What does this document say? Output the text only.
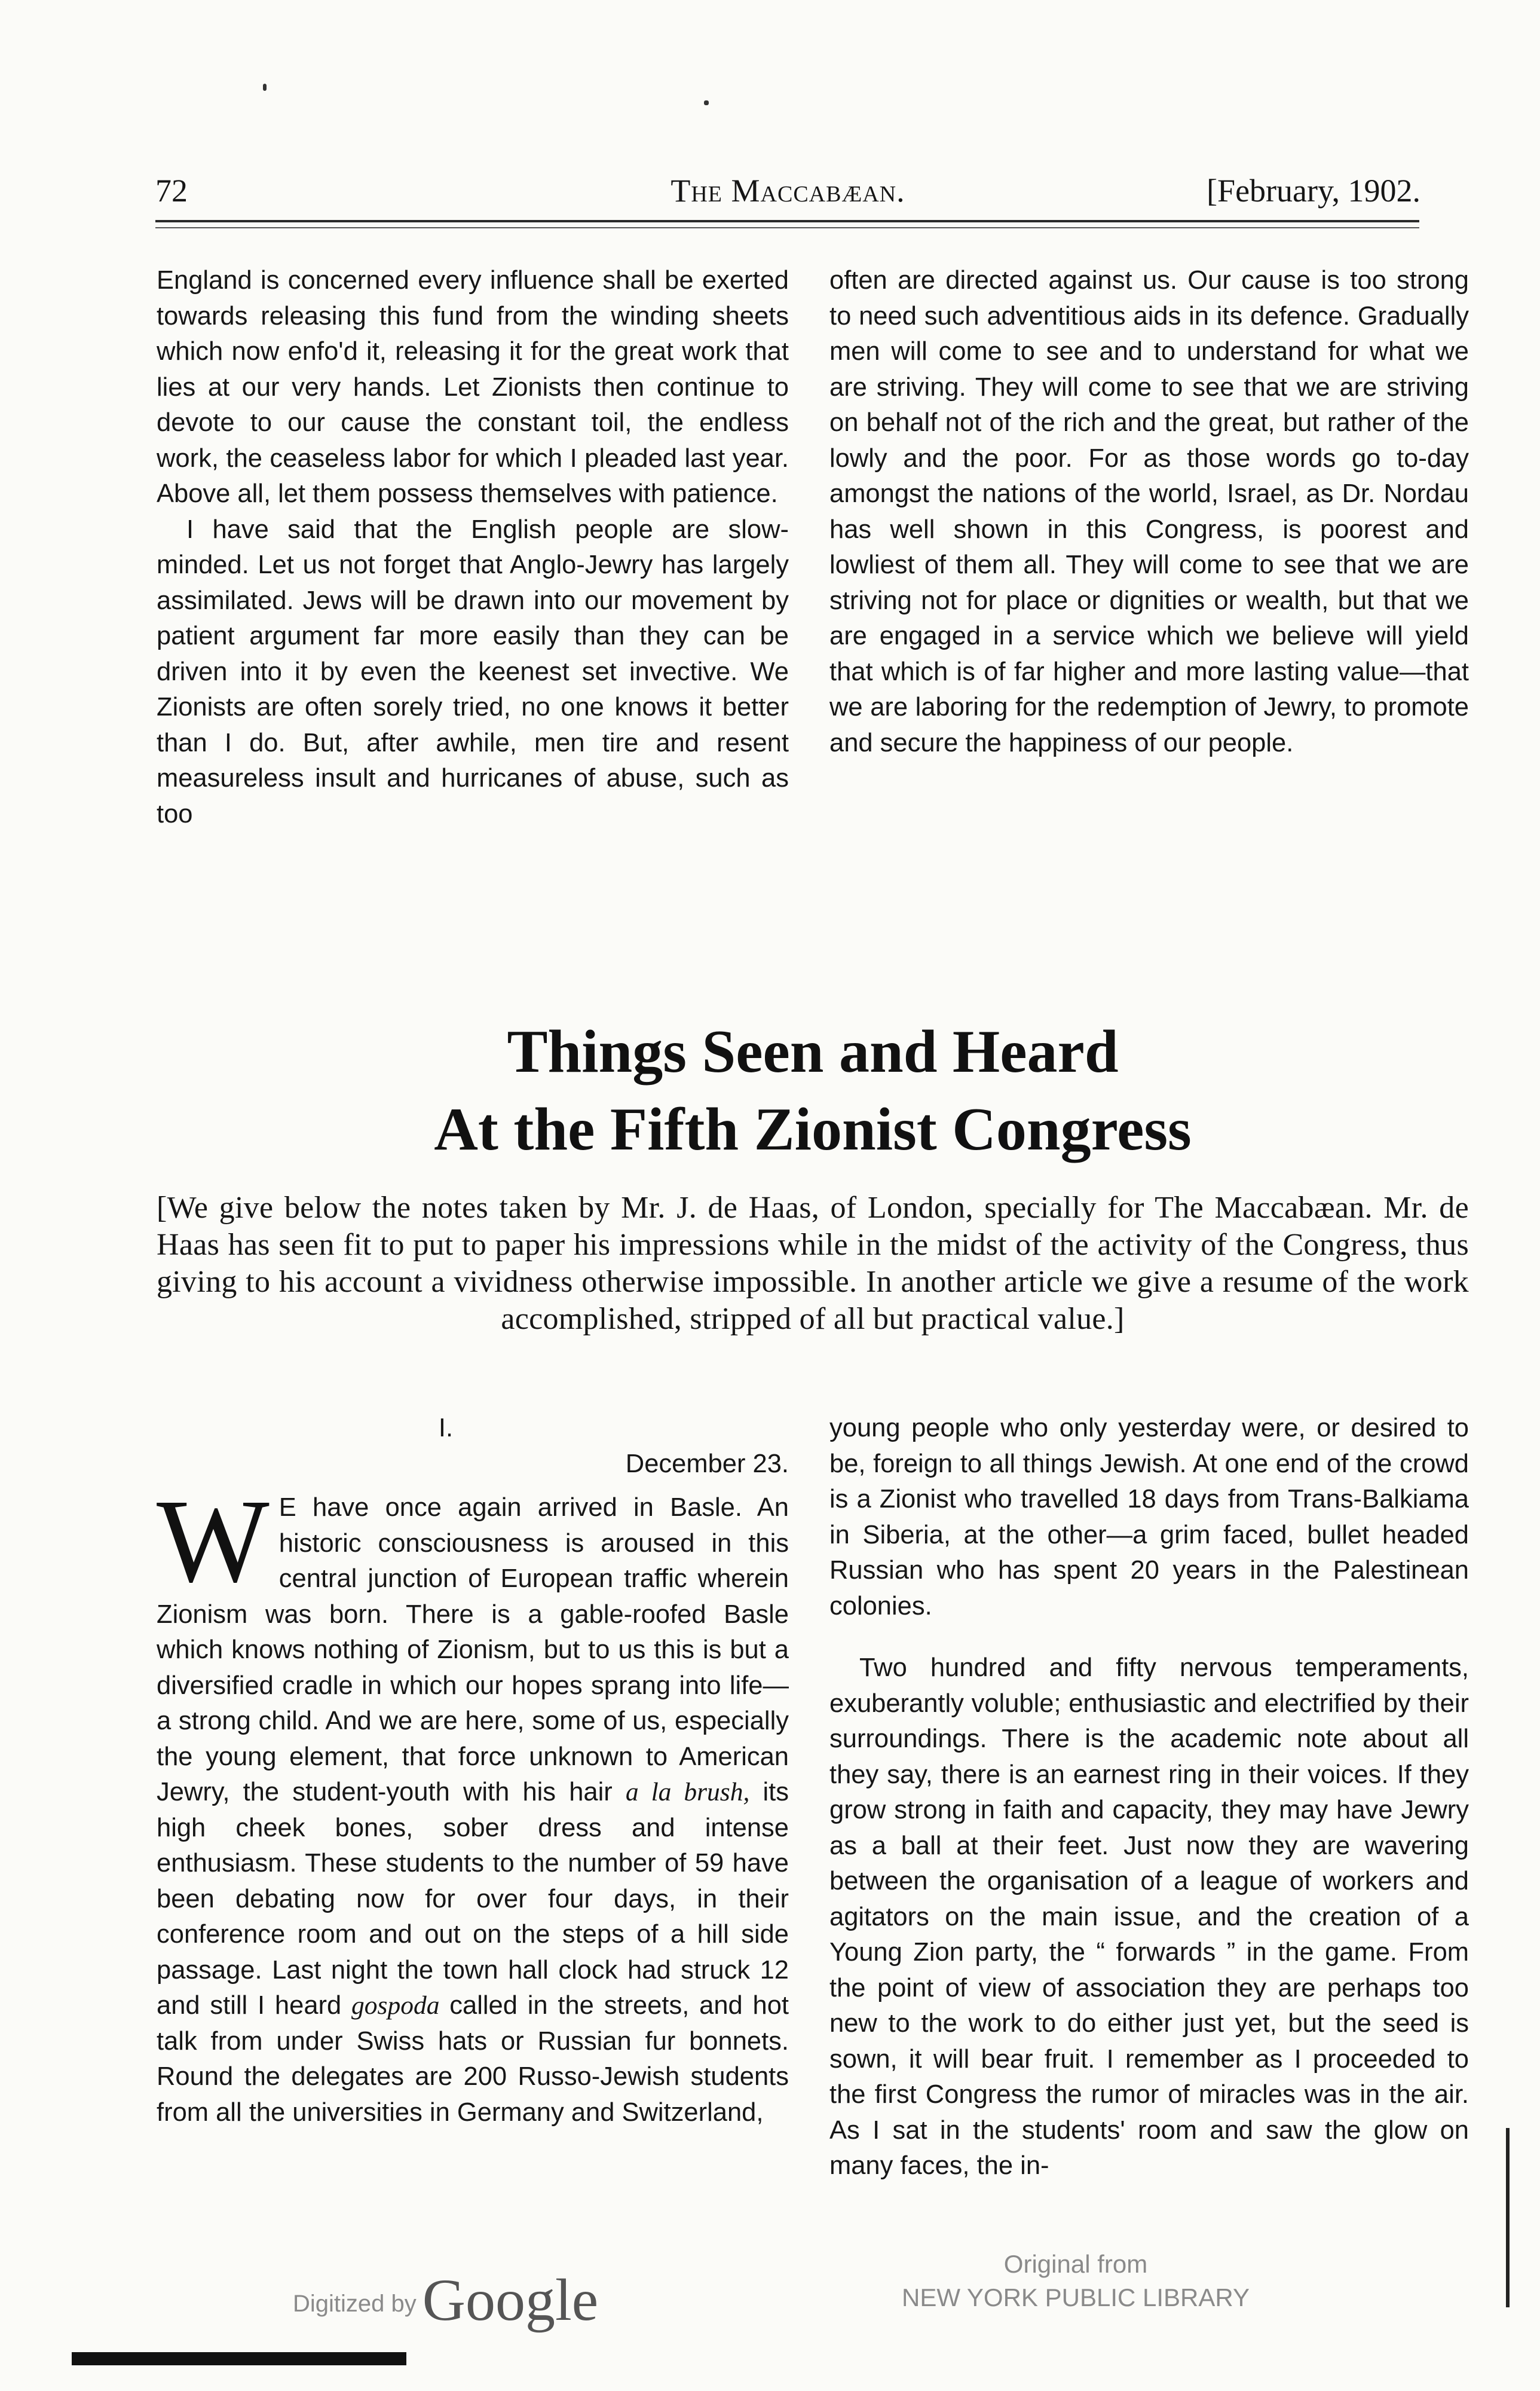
72	The Maccabæan.	[February, 1902.

England is concerned every influence shall be exerted towards releasing this fund from the winding sheets which now enfo'd it, releasing it for the great work that lies at our very hands. Let Zionists then continue to devote to our cause the constant toil, the endless work, the ceaseless labor for which I pleaded last year. Above all, let them possess themselves with patience.

I have said that the English people are slow-minded. Let us not forget that Anglo-Jewry has largely assimilated. Jews will be drawn into our movement by patient argument far more easily than they can be driven into it by even the keenest set invective. We Zionists are often sorely tried, no one knows it better than I do. But, after awhile, men tire and resent measureless insult and hurricanes of abuse, such as too

often are directed against us. Our cause is too strong to need such adventitious aids in its defence. Gradually men will come to see and to understand for what we are striving. They will come to see that we are striving on behalf not of the rich and the great, but rather of the lowly and the poor. For as those words go to-day amongst the nations of the world, Israel, as Dr. Nordau has well shown in this Congress, is poorest and lowliest of them all. They will come to see that we are striving not for place or dignities or wealth, but that we are engaged in a service which we believe will yield that which is of far higher and more lasting value—that we are laboring for the redemption of Jewry, to promote and secure the happiness of our people.

Things Seen and Heard
At the Fifth Zionist Congress
[We give below the notes taken by Mr. J. de Haas, of London, specially for The Maccabæan. Mr. de Haas has seen fit to put to paper his impressions while in the midst of the activity of the Congress, thus giving to his account a vividness otherwise impossible. In another article we give a resume of the work accomplished, stripped of all but practical value.]
I.
December 23.

W E have once again arrived in Basle. An historic consciousness is aroused in this central junction of European traffic wherein Zionism was born. There is a gable-roofed Basle which knows nothing of Zionism, but to us this is but a diversified cradle in which our hopes sprang into life—a strong child. And we are here, some of us, especially the young element, that force unknown to American Jewry, the student-youth with his hair a la brush, its high cheek bones, sober dress and intense enthusiasm. These students to the number of 59 have been debating now for over four days, in their conference room and out on the steps of a hill side passage. Last night the town hall clock had struck 12 and still I heard gospoda called in the streets, and hot talk from under Swiss hats or Russian fur bonnets. Round the delegates are 200 Russo-Jewish students from all the universities in Germany and Switzerland,

young people who only yesterday were, or desired to be, foreign to all things Jewish. At one end of the crowd is a Zionist who travelled 18 days from Trans-Balkiama in Siberia, at the other—a grim faced, bullet headed Russian who has spent 20 years in the Palestinean colonies.

Two hundred and fifty nervous temperaments, exuberantly voluble; enthusiastic and electrified by their surroundings. There is the academic note about all they say, there is an earnest ring in their voices. If they grow strong in faith and capacity, they may have Jewry as a ball at their feet. Just now they are wavering between the organisation of a league of workers and agitators on the main issue, and the creation of a Young Zion party, the “ forwards ” in the game. From the point of view of association they are perhaps too new to the work to do either just yet, but the seed is sown, it will bear fruit. I remember as I proceeded to the first Congress the rumor of miracles was in the air. As I sat in the students' room and saw the glow on many faces, the in-

Digitized by Google
Original from
NEW YORK PUBLIC LIBRARY
